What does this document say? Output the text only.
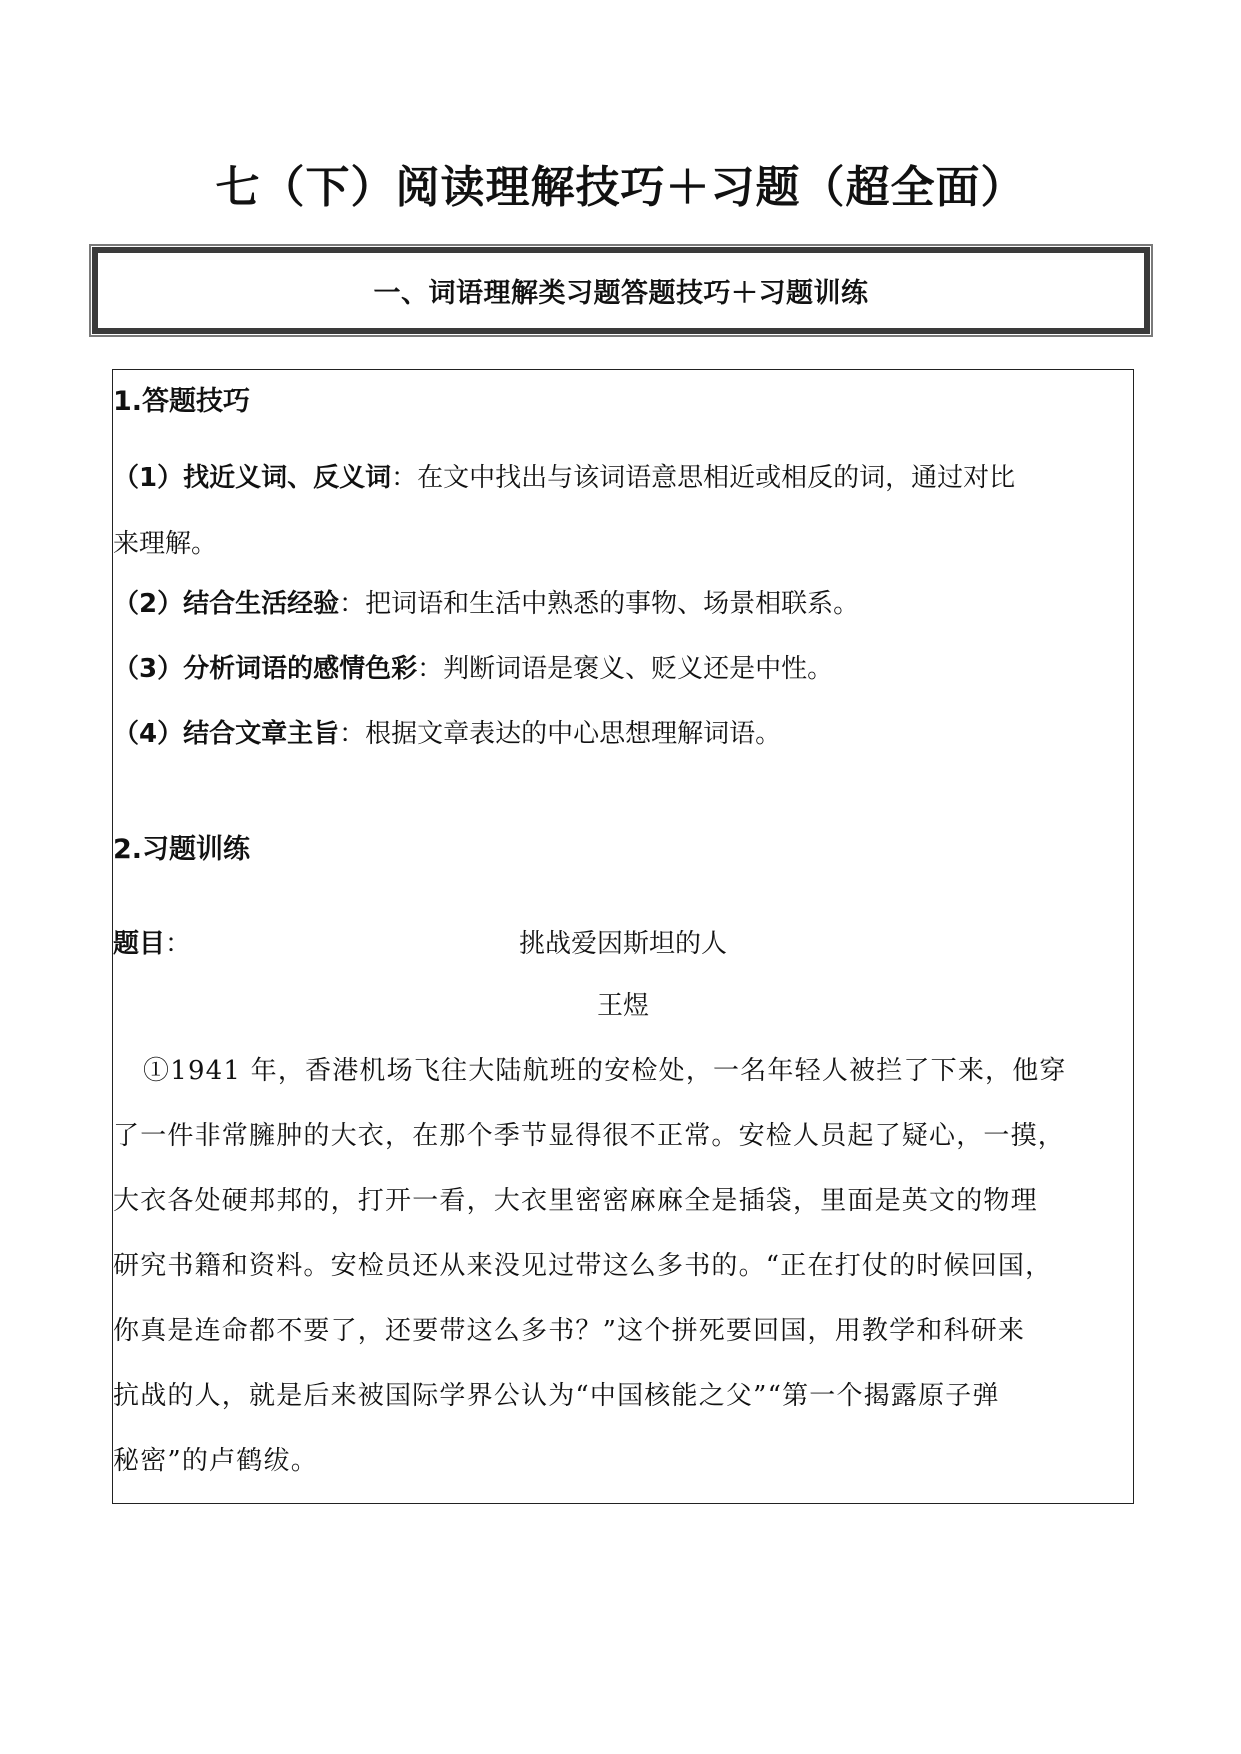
七（下）阅读理解技巧＋习题（超全面）
一、词语理解类习题答题技巧＋习题训练
1.答题技巧
（1）找近义词、反义词：在文中找出与该词语意思相近或相反的词，通过对比
来理解。
（2）结合生活经验：把词语和生活中熟悉的事物、场景相联系。
（3）分析词语的感情色彩：判断词语是褒义、贬义还是中性。
（4）结合文章主旨：根据文章表达的中心思想理解词语。
2.习题训练
题目：	挑战爱因斯坦的人
王煜
①1941 年，香港机场飞往大陆航班的安检处，一名年轻人被拦了下来，他穿
了一件非常臃肿的大衣，在那个季节显得很不正常。安检人员起了疑心，一摸，
大衣各处硬邦邦的，打开一看，大衣里密密麻麻全是插袋，里面是英文的物理
研究书籍和资料。安检员还从来没见过带这么多书的。“正在打仗的时候回国，
你真是连命都不要了，还要带这么多书？”这个拼死要回国，用教学和科研来
抗战的人，就是后来被国际学界公认为“中国核能之父”“第一个揭露原子弹
秘密”的卢鹤绂。
